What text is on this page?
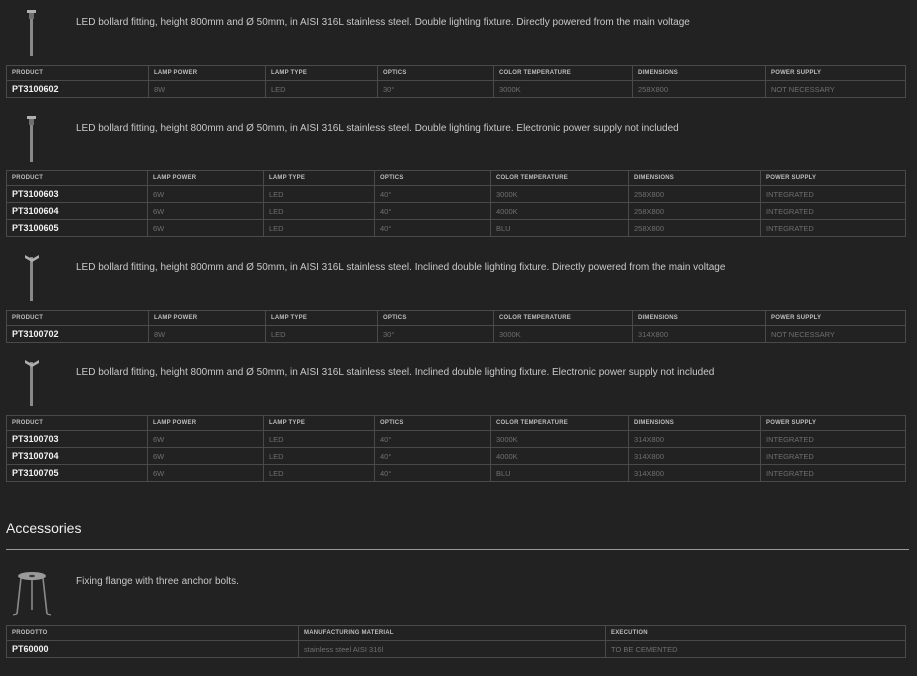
LED bollard fitting, height 800mm and Ø 50mm, in AISI 316L stainless steel. Double lighting fixture. Directly powered from the main voltage
PRODUCT	LAMP POWER	LAMP TYPE	OPTICS	COLOR TEMPERATURE	DIMENSIONS	POWER SUPPLY
PT3100602	8W	LED	30°	3000K	258X800	NOT NECESSARY
LED bollard fitting, height 800mm and Ø 50mm, in AISI 316L stainless steel. Double lighting fixture. Electronic power supply not included
PRODUCT	LAMP POWER	LAMP TYPE	OPTICS	COLOR TEMPERATURE	DIMENSIONS	POWER SUPPLY
PT3100603	6W	LED	40°	3000K	258X800	INTEGRATED
PT3100604	6W	LED	40°	4000K	258X800	INTEGRATED
PT3100605	6W	LED	40°	BLU	258X800	INTEGRATED
LED bollard fitting, height 800mm and Ø 50mm, in AISI 316L stainless steel. Inclined double lighting fixture. Directly powered from the main voltage
PRODUCT	LAMP POWER	LAMP TYPE	OPTICS	COLOR TEMPERATURE	DIMENSIONS	POWER SUPPLY
PT3100702	8W	LED	30°	3000K	314X800	NOT NECESSARY
LED bollard fitting, height 800mm and Ø 50mm, in AISI 316L stainless steel. Inclined double lighting fixture. Electronic power supply not included
PRODUCT	LAMP POWER	LAMP TYPE	OPTICS	COLOR TEMPERATURE	DIMENSIONS	POWER SUPPLY
PT3100703	6W	LED	40°	3000K	314X800	INTEGRATED
PT3100704	6W	LED	40°	4000K	314X800	INTEGRATED
PT3100705	6W	LED	40°	BLU	314X800	INTEGRATED
Accessories
Fixing flange with three anchor bolts.
PRODOTTO	MANUFACTURING MATERIAL	EXECUTION
PT60000	stainless steel AISI 316l	TO BE CEMENTED
